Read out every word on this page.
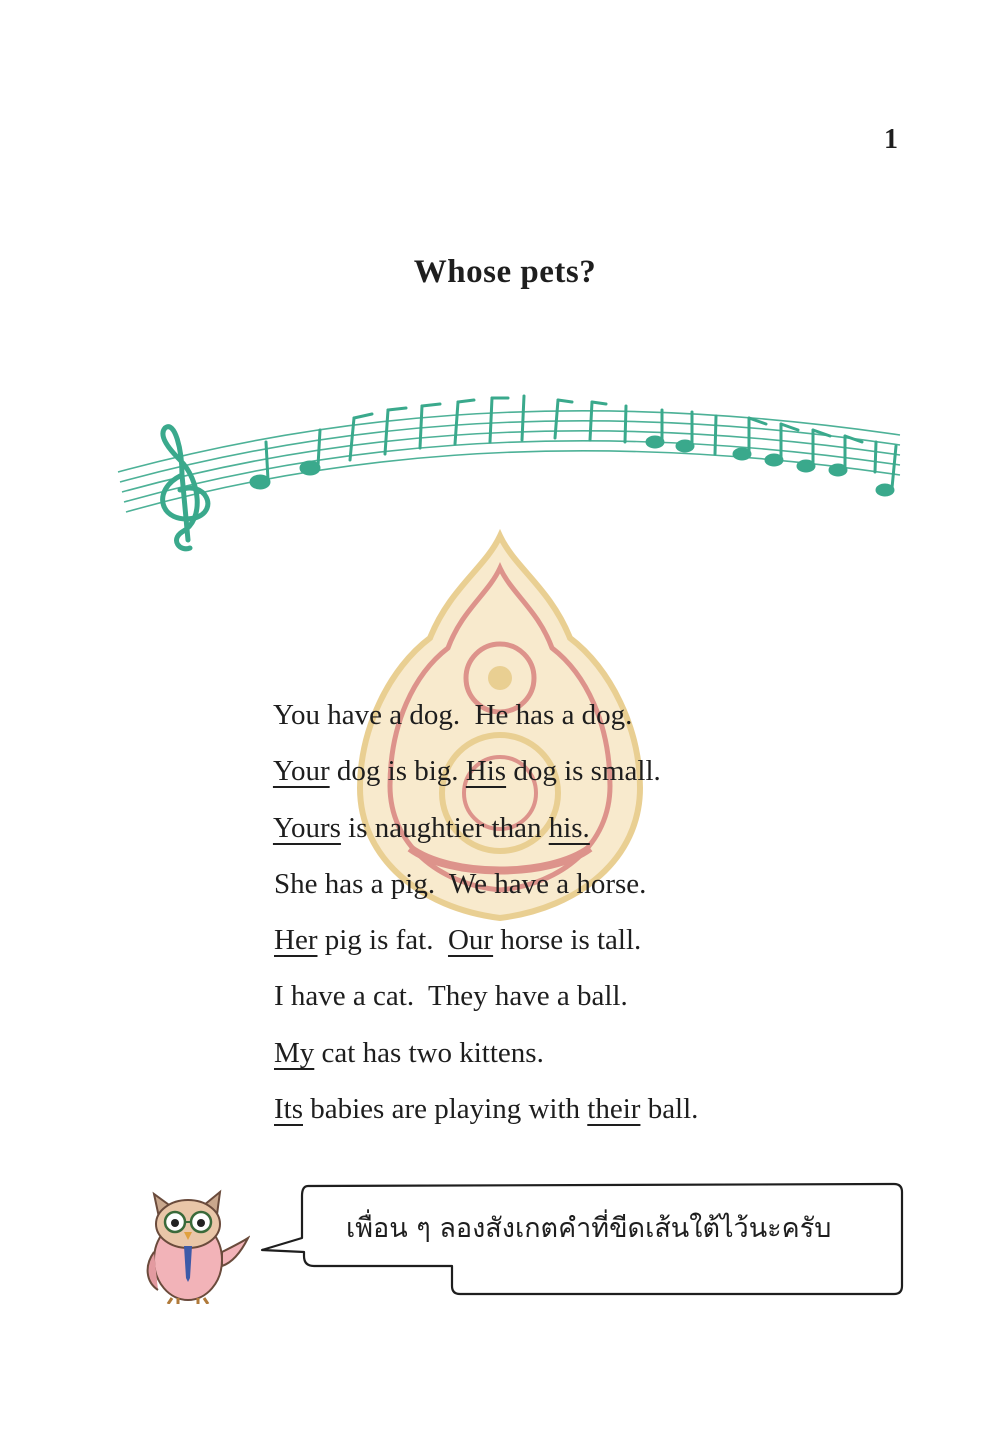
1
Whose pets?

You have a dog.  He has a dog.

Your dog is big. His dog is small.

Yours is naughtier than his.

She has a pig.  We have a horse.

Her pig is fat.  Our horse is tall.

I have a cat.  They have a ball.

My cat has two kittens.

Its babies are playing with their ball.

เพื่อน ๆ ลองสังเกตคำที่ขีดเส้นใต้ไว้นะครับ
